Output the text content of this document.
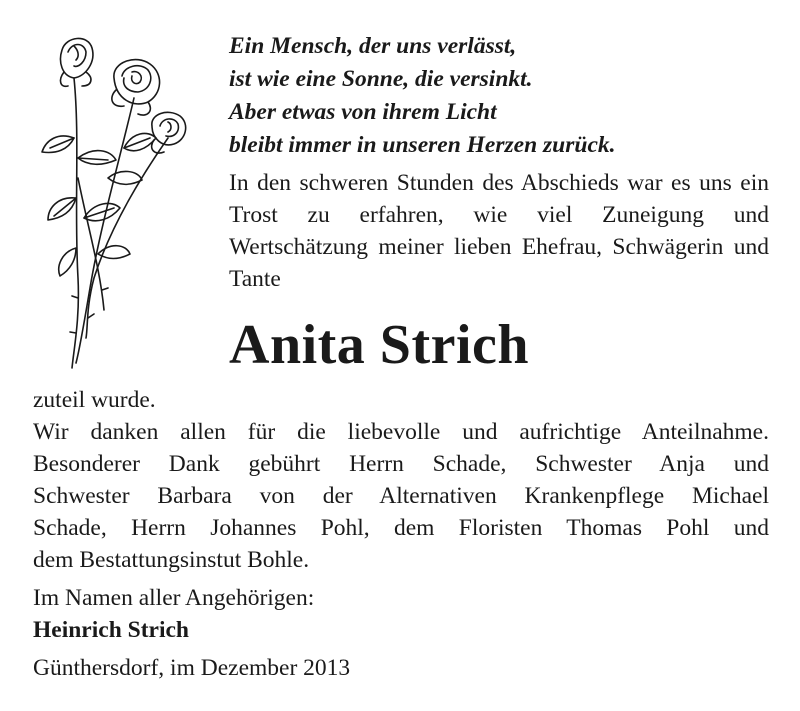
Ein Mensch, der uns verlässt,
ist wie eine Sonne, die versinkt.
Aber etwas von ihrem Licht
bleibt immer in unseren Herzen zurück.
In den schweren Stunden des Abschieds war es uns ein Trost zu erfahren, wie viel Zuneigung und Wertschätzung meiner lieben Ehefrau, Schwägerin und Tante
Anita Strich
zuteil wurde.
Wir danken allen für die liebevolle und aufrichtige Anteilnahme.
Besonderer Dank gebührt Herrn Schade, Schwester Anja und
Schwester Barbara von der Alternativen Krankenpflege Michael
Schade, Herrn Johannes Pohl, dem Floristen Thomas Pohl und
dem Bestattungsinstut Bohle.
Im Namen aller Angehörigen:
Heinrich Strich
Günthersdorf, im Dezember 2013
